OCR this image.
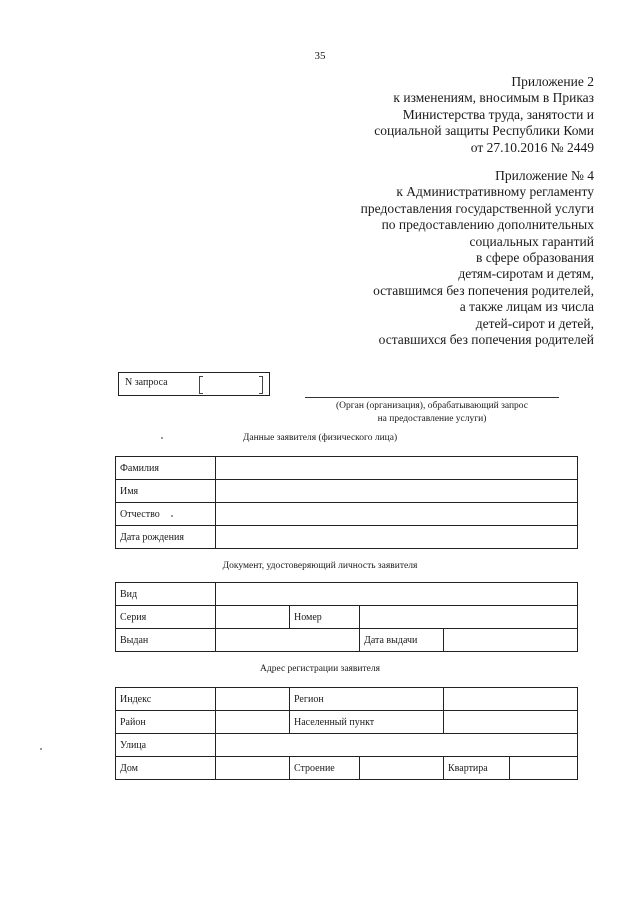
35
Приложение 2
к изменениям, вносимым в Приказ
Министерства труда, занятости и
социальной защиты Республики Коми
от 27.10.2016 № 2449
Приложение № 4
к Административному регламенту
предоставления государственной услуги
по предоставлению дополнительных
социальных гарантий
в сфере образования
детям-сиротам и детям,
оставшимся без попечения родителей,
а также лицам из числа
детей-сирот и детей,
оставшихся без попечения родителей
N запроса
(Орган (организация), обрабатывающий запрос
на предоставление услуги)
Данные заявителя (физического лица)
Фамилия	
Имя	
Отчество	
Дата рождения	
Документ, удостоверяющий личность заявителя
Вид				
Серия		Номер		
Выдан			Дата выдачи	
Адрес регистрации заявителя
Индекс		Регион			
Район		Населенный пункт			
Улица					
Дом		Строение		Квартира	
